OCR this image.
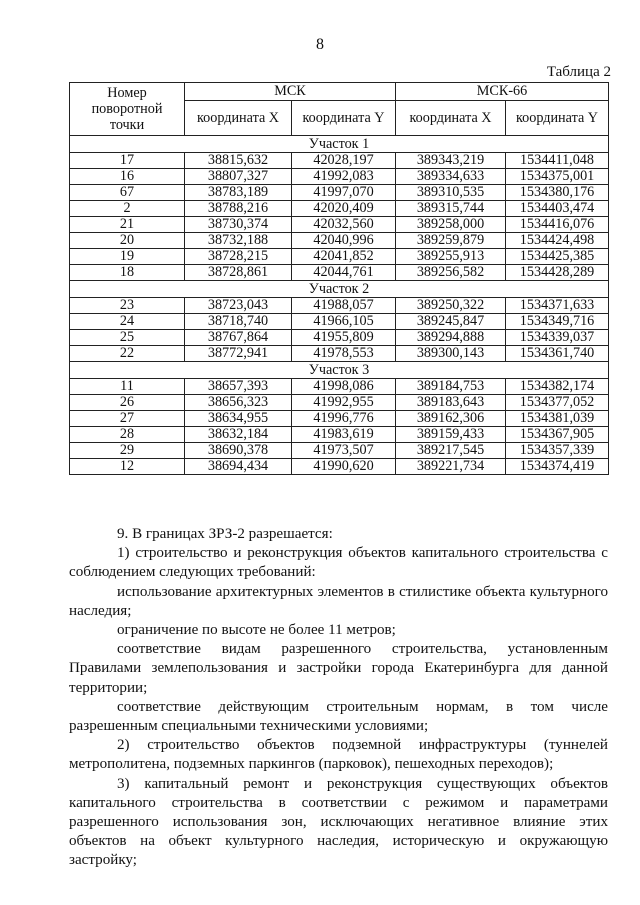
8
Таблица 2
Номер
поворотной
точки	МСК		МСК-66	
	координата X	координата Y	координата X	координата Y
Участок 1				
17	38815,632	42028,197	389343,219	1534411,048
16	38807,327	41992,083	389334,633	1534375,001
67	38783,189	41997,070	389310,535	1534380,176
2	38788,216	42020,409	389315,744	1534403,474
21	38730,374	42032,560	389258,000	1534416,076
20	38732,188	42040,996	389259,879	1534424,498
19	38728,215	42041,852	389255,913	1534425,385
18	38728,861	42044,761	389256,582	1534428,289
Участок 2				
23	38723,043	41988,057	389250,322	1534371,633
24	38718,740	41966,105	389245,847	1534349,716
25	38767,864	41955,809	389294,888	1534339,037
22	38772,941	41978,553	389300,143	1534361,740
Участок 3				
11	38657,393	41998,086	389184,753	1534382,174
26	38656,323	41992,955	389183,643	1534377,052
27	38634,955	41996,776	389162,306	1534381,039
28	38632,184	41983,619	389159,433	1534367,905
29	38690,378	41973,507	389217,545	1534357,339
12	38694,434	41990,620	389221,734	1534374,419

9. В границах ЗРЗ-2 разрешается:

1) строительство и реконструкция объектов капитального строительства с соблюдением следующих требований:

использование архитектурных элементов в стилистике объекта культурного наследия;

ограничение по высоте не более 11 метров;

соответствие видам разрешенного строительства, установленным Правилами землепользования и застройки города Екатеринбурга для данной территории;

соответствие действующим строительным нормам, в том числе разрешенным специальными техническими условиями;

2) строительство объектов подземной инфраструктуры (туннелей метрополитена, подземных паркингов (парковок), пешеходных переходов);

3) капитальный ремонт и реконструкция существующих объектов капитального строительства в соответствии с режимом и параметрами разрешенного использования зон, исключающих негативное влияние этих объектов на объект культурного наследия, историческую и окружающую застройку;
